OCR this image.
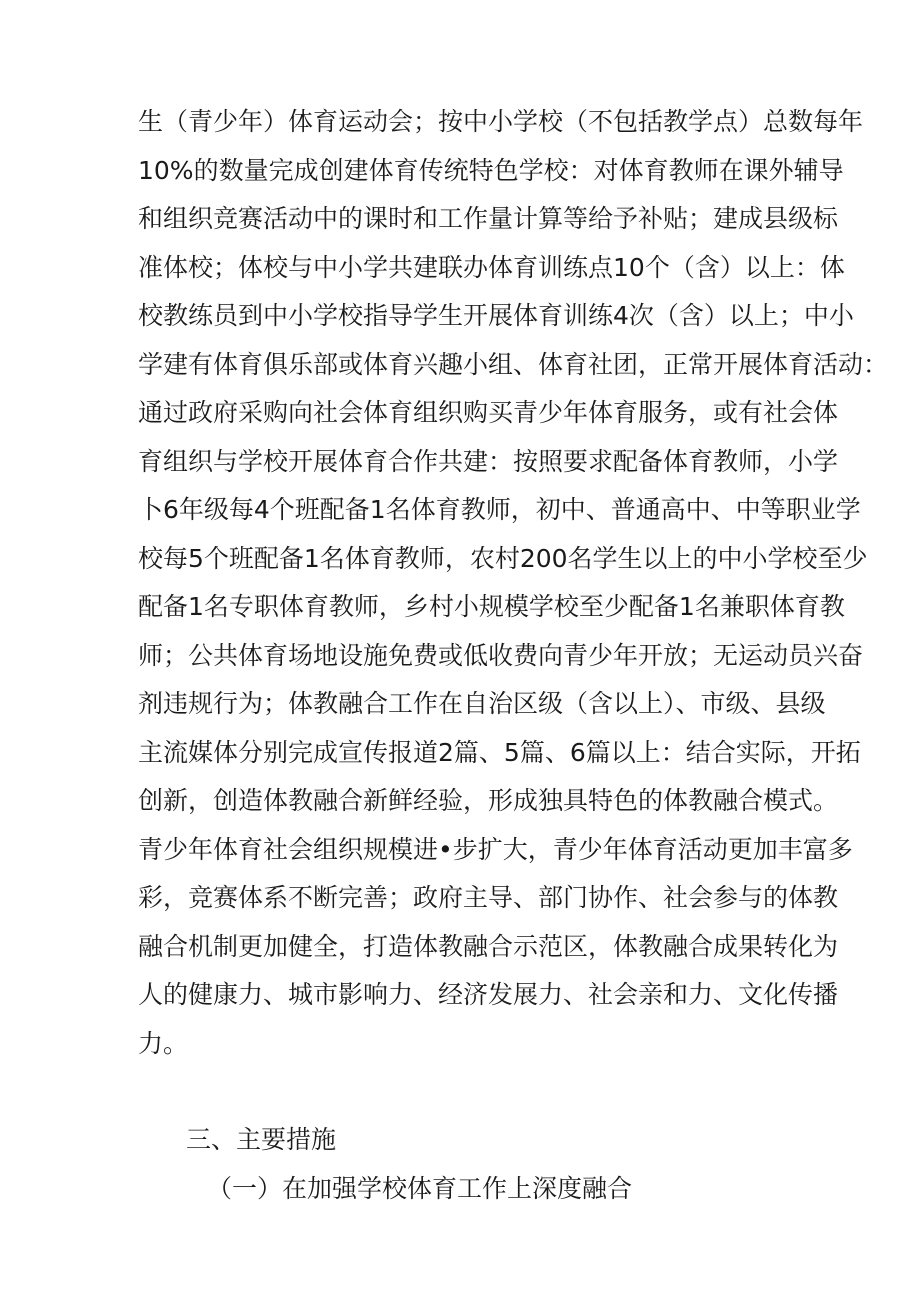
生（青少年）体育运动会；按中小学校（不包括教学点）总数每年
10%的数量完成创建体育传统特色学校：对体育教师在课外辅导
和组织竞赛活动中的课时和工作量计算等给予补贴；建成县级标
准体校；体校与中小学共建联办体育训练点10个（含）以上：体
校教练员到中小学校指导学生开展体育训练4次（含）以上；中小
学建有体育俱乐部或体育兴趣小组、体育社团，正常开展体育活动：
通过政府采购向社会体育组织购买青少年体育服务，或有社会体
育组织与学校开展体育合作共建：按照要求配备体育教师，小学
卜6年级每4个班配备1名体育教师，初中、普通高中、中等职业学
校每5个班配备1名体育教师，农村200名学生以上的中小学校至少
配备1名专职体育教师，乡村小规模学校至少配备1名兼职体育教
师；公共体育场地设施免费或低收费向青少年开放；无运动员兴奋
剂违规行为；体教融合工作在自治区级（含以上）、市级、县级
主流媒体分别完成宣传报道2篇、5篇、6篇以上：结合实际，开拓
创新，创造体教融合新鲜经验，形成独具特色的体教融合模式。
青少年体育社会组织规模进•步扩大，青少年体育活动更加丰富多
彩，竞赛体系不断完善；政府主导、部门协作、社会参与的体教
融合机制更加健全，打造体教融合示范区，体教融合成果转化为
人的健康力、城市影响力、经济发展力、社会亲和力、文化传播
力。
三、主要措施
（一）在加强学校体育工作上深度融合
